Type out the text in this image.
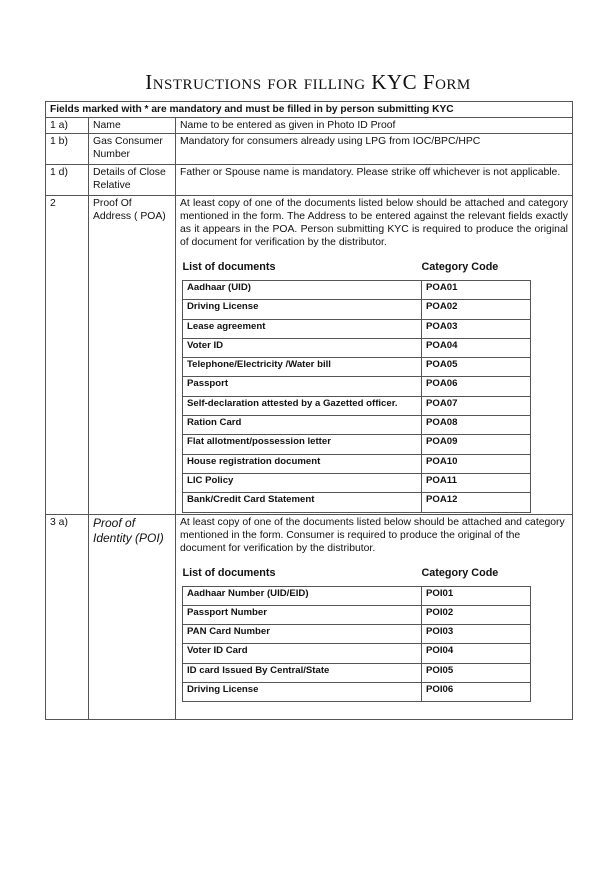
Instructions for filling KYC Form
Fields marked with * are mandatory and must be filled in by person submitting KYC
1 a)	Name	Name to be entered as given in Photo ID Proof
1 b)	Gas Consumer Number	Mandatory for consumers already using LPG from IOC/BPC/HPC
1 d)	Details of Close Relative	Father or Spouse name is mandatory. Please strike off whichever is not applicable.
2	Proof Of Address ( POA)	
At least copy of one of the documents listed below should be attached and category mentioned in the form. The Address to be entered against the relevant fields exactly as it appears in the POA. Person submitting KYC is required to produce the original of document for verification by the distributor.
List of documents	Category Code
Aadhaar (UID)	POA01
Driving License	POA02
Lease agreement	POA03
Voter ID	POA04
Telephone/Electricity /Water bill	POA05
Passport	POA06
Self-declaration attested by a Gazetted officer.	POA07
Ration Card	POA08
Flat allotment/possession letter	POA09
House registration document	POA10
LIC Policy	POA11
Bank/Credit Card Statement	POA12

3 a)	Proof of Identity (POI)	
At least copy of one of the documents listed below should be attached and category mentioned in the form. Consumer is required to produce the original of the document for verification by the distributor.
List of documents	Category Code
Aadhaar Number (UID/EID)	POI01
Passport Number	POI02
PAN Card Number	POI03
Voter ID Card	POI04
ID card Issued By Central/State	POI05
Driving License	POI06
